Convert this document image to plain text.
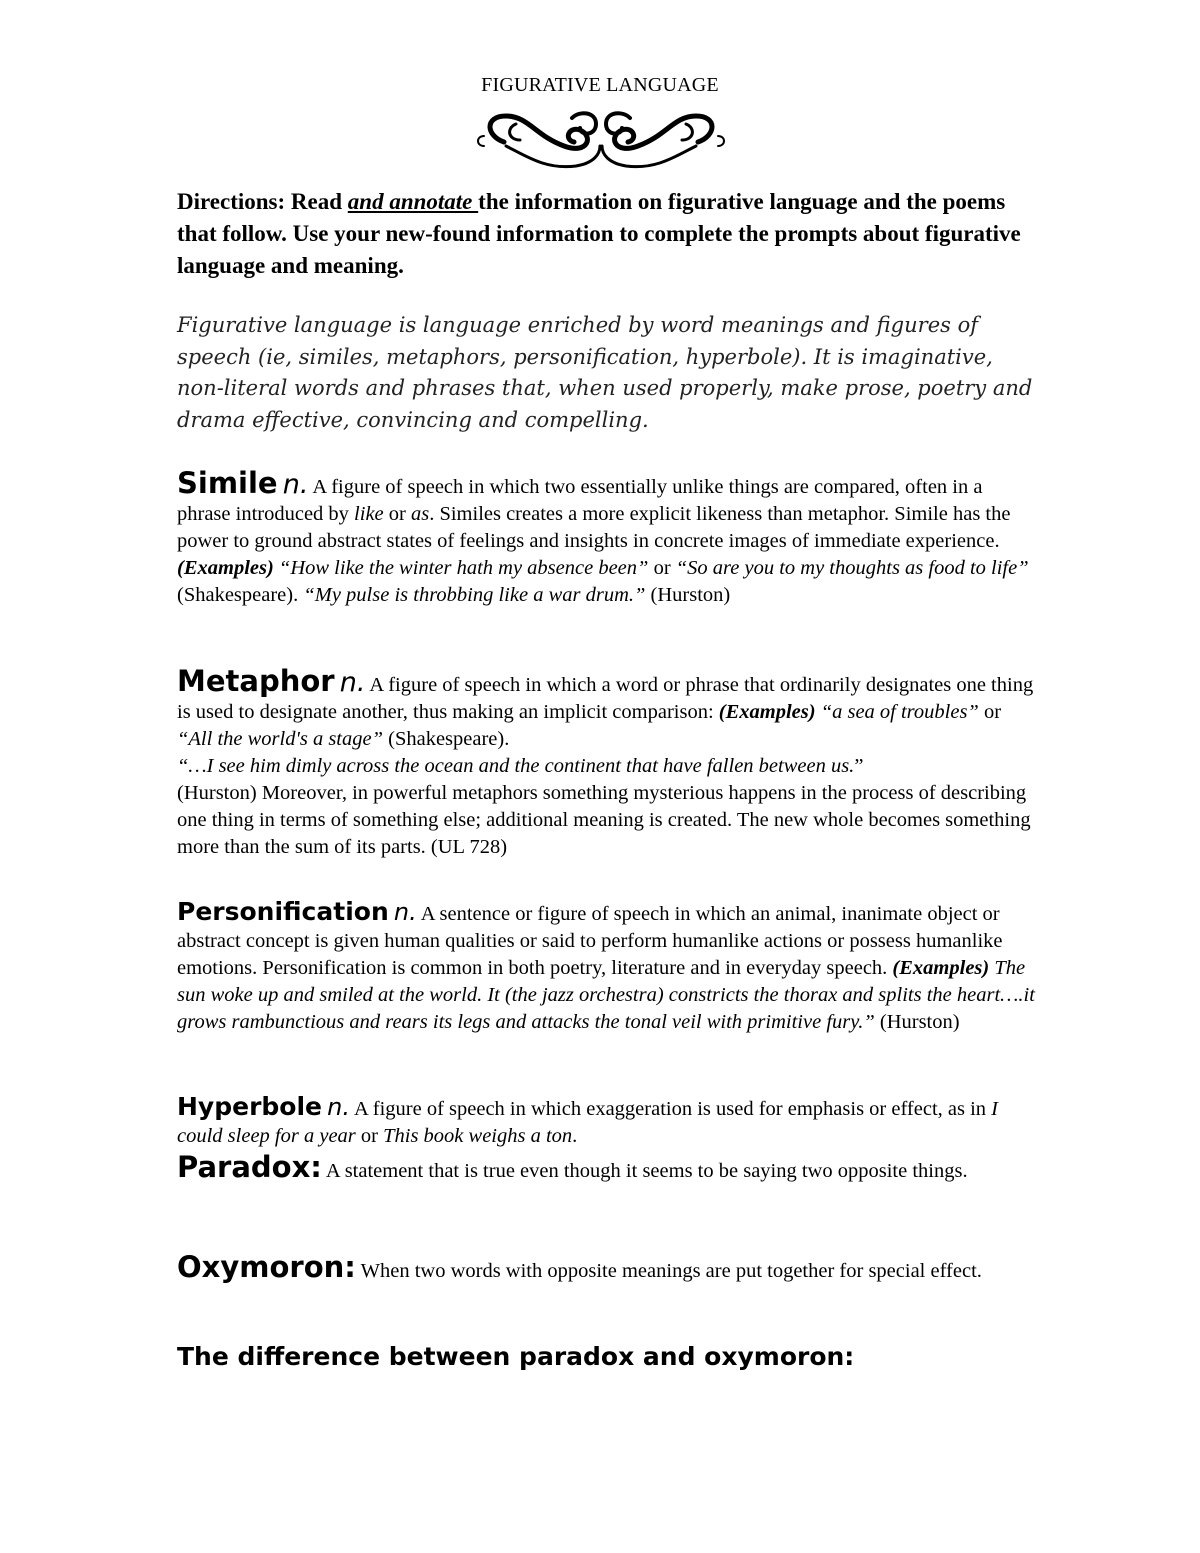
FIGURATIVE LANGUAGE
Directions: Read and annotate the information on figurative language and the poems that follow. Use your new-found information to complete the prompts about figurative language and meaning.
Figurative language is language enriched by word meanings and figures of speech (ie, similes, metaphors, personification, hyperbole). It is imaginative, non-literal words and phrases that, when used properly, make prose, poetry and drama effective, convincing and compelling.
Simile n. A figure of speech in which two essentially unlike things are compared, often in a phrase introduced by like or as. Similes creates a more explicit likeness than metaphor. Simile has the power to ground abstract states of feelings and insights in concrete images of immediate experience. (Examples) “How like the winter hath my absence been” or “So are you to my thoughts as food to life” (Shakespeare). “My pulse is throbbing like a war drum.” (Hurston)
Metaphor n. A figure of speech in which a word or phrase that ordinarily designates one thing is used to designate another, thus making an implicit comparison: (Examples) “a sea of troubles” or “All the world's a stage” (Shakespeare).
“…I see him dimly across the ocean and the continent that have fallen between us.”
(Hurston) Moreover, in powerful metaphors something mysterious happens in the process of describing one thing in terms of something else; additional meaning is created. The new whole becomes something more than the sum of its parts. (UL 728)
Personification n. A sentence or figure of speech in which an animal, inanimate object or abstract concept is given human qualities or said to perform humanlike actions or possess humanlike emotions. Personification is common in both poetry, literature and in everyday speech. (Examples) The sun woke up and smiled at the world. It (the jazz orchestra) constricts the thorax and splits the heart….it grows rambunctious and rears its legs and attacks the tonal veil with primitive fury.” (Hurston)
Hyperbole n. A figure of speech in which exaggeration is used for emphasis or effect, as in I could sleep for a year or This book weighs a ton.
Paradox: A statement that is true even though it seems to be saying two opposite things.
Oxymoron: When two words with opposite meanings are put together for special effect.
The difference between paradox and oxymoron:
